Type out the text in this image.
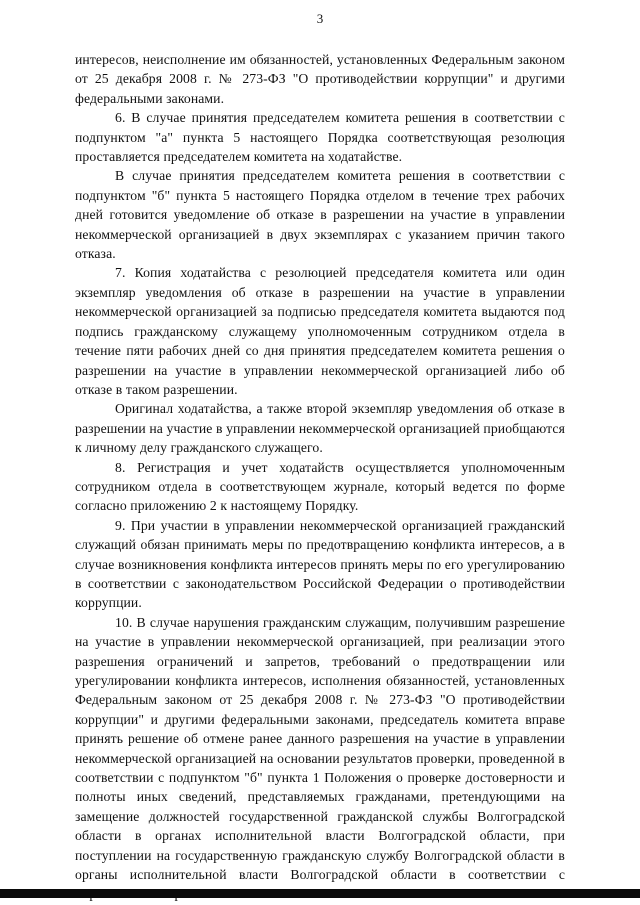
3

интересов, неисполнение им обязанностей, установленных Федеральным законом от 25 декабря 2008 г. № 273-ФЗ "О противодействии коррупции" и другими федеральными законами.

6. В случае принятия председателем комитета решения в соответствии с подпунктом "а" пункта 5 настоящего Порядка соответствующая резолюция проставляется председателем комитета на ходатайстве.

В случае принятия председателем комитета решения в соответствии с подпунктом "б" пункта 5 настоящего Порядка отделом в течение трех рабочих дней готовится уведомление об отказе в разрешении на участие в управлении некоммерческой организацией в двух экземплярах с указанием причин такого отказа.

7. Копия ходатайства с резолюцией председателя комитета или один экземпляр уведомления об отказе в разрешении на участие в управлении некоммерческой организацией за подписью председателя комитета выдаются под подпись гражданскому служащему уполномоченным сотрудником отдела в течение пяти рабочих дней со дня принятия председателем комитета решения о разрешении на участие в управлении некоммерческой организацией либо об отказе в таком разрешении.

Оригинал ходатайства, а также второй экземпляр уведомления об отказе в разрешении на участие в управлении некоммерческой организацией приобщаются к личному делу гражданского служащего.

8. Регистрация и учет ходатайств осуществляется уполномоченным сотрудником отдела в соответствующем журнале, который ведется по форме согласно приложению 2 к настоящему Порядку.

9. При участии в управлении некоммерческой организацией гражданский служащий обязан принимать меры по предотвращению конфликта интересов, а в случае возникновения конфликта интересов принять меры по его урегулированию в соответствии с законодательством Российской Федерации о противодействии коррупции.

10. В случае нарушения гражданским служащим, получившим разрешение на участие в управлении некоммерческой организацией, при реализации этого разрешения ограничений и запретов, требований о предотвращении или урегулировании конфликта интересов, исполнения обязанностей, установленных Федеральным законом от 25 декабря 2008 г. № 273-ФЗ "О противодействии коррупции" и другими федеральными законами, председатель комитета вправе принять решение об отмене ранее данного разрешения на участие в управлении некоммерческой организацией на основании результатов проверки, проведенной в соответствии с подпунктом "б" пункта 1 Положения о проверке достоверности и полноты иных сведений, представляемых гражданами, претендующими на замещение должностей государственной гражданской службы Волгоградской области в органах исполнительной власти Волгоградской области, при поступлении на государственную гражданскую службу Волгоградской области в органы исполнительной власти Волгоградской области в соответствии с
